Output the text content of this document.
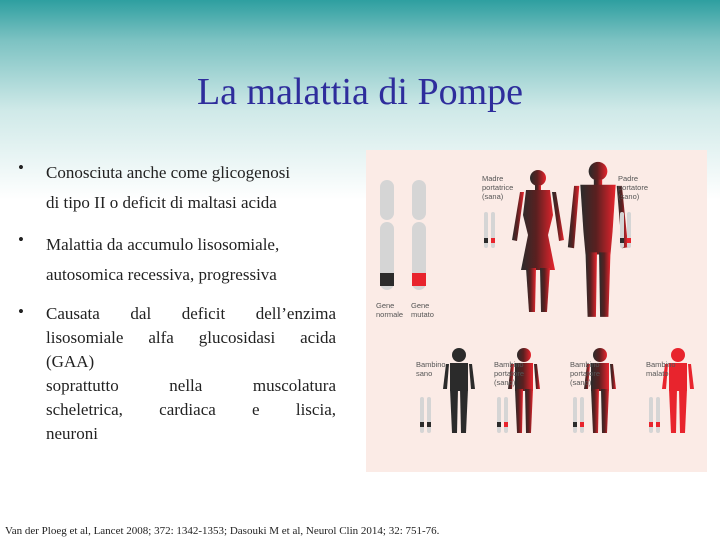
La malattia di Pompe
• Conosciuta anche come glicogenosi
di tipo II o deficit di maltasi acida
• Malattia da accumulo lisosomiale,
autosomica recessiva, progressiva
• Causata dal deficit dell’enzima
lisosomiale alfa glucosidasi acida
(GAA)
soprattutto nella muscolatura
scheletrica, cardiaca e liscia,
neuroni
Gene
normale
Gene
mutato
Madre
portatrice
(sana)
Padre
portatore
(sano)
Bambino
sano
Bambino
portatore
(sano)
Bambino
portatore
(sano)
Bambino
malato
Van der Ploeg et al, Lancet 2008; 372: 1342-1353; Dasouki M et al, Neurol Clin 2014; 32: 751-76.
